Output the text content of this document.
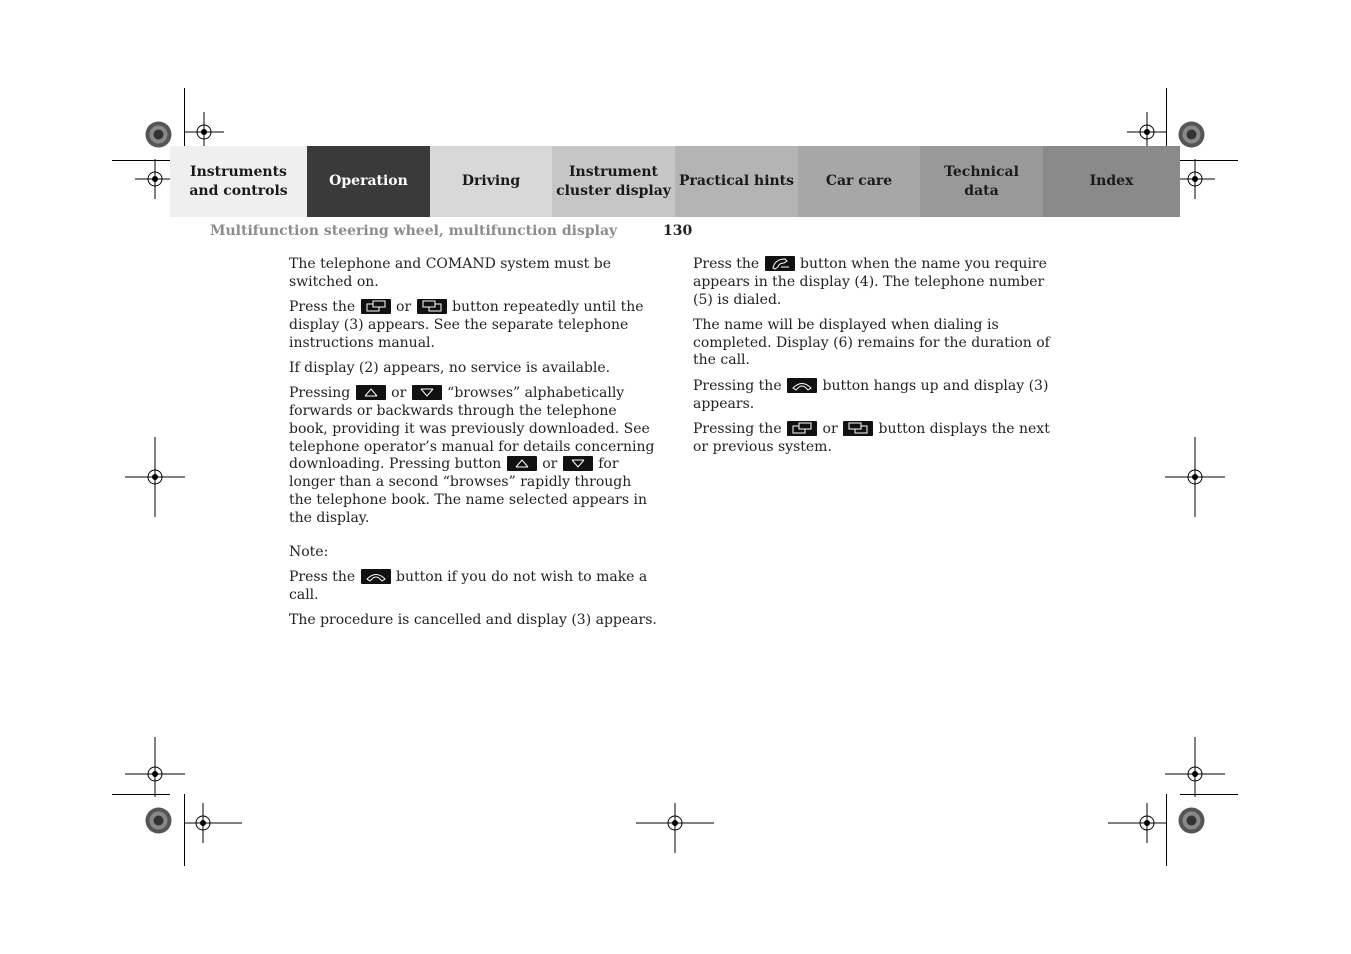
Instruments
and controls
Operation	Driving
Instrument
cluster display
Practical hints Car care
Technical
data
Index
Multifunction steering wheel, multifunction display	130

The telephone and COMAND system must be switched on.

Press the
or
button repeatedly until the display (3) appears. See the separate telephone instructions manual.

If display (2) appears, no service is available.

Pressing
or
“browses” alphabetically forwards or backwards through the telephone book, providing it was previously downloaded. See telephone operator’s manual for details concerning downloading. Pressing button
or
for longer than a second “browses” rapidly through the telephone book. The name selected appears in the display.

Note:

Press the
button if you do not wish to make a call.

The procedure is cancelled and display (3) appears.

Press the
button when the name you require appears in the display (4). The telephone number (5) is dialed.

The name will be displayed when dialing is completed. Display (6) remains for the duration of the call.

Pressing the
button hangs up and display (3) appears.

Pressing the
or
button displays the next or previous system.
